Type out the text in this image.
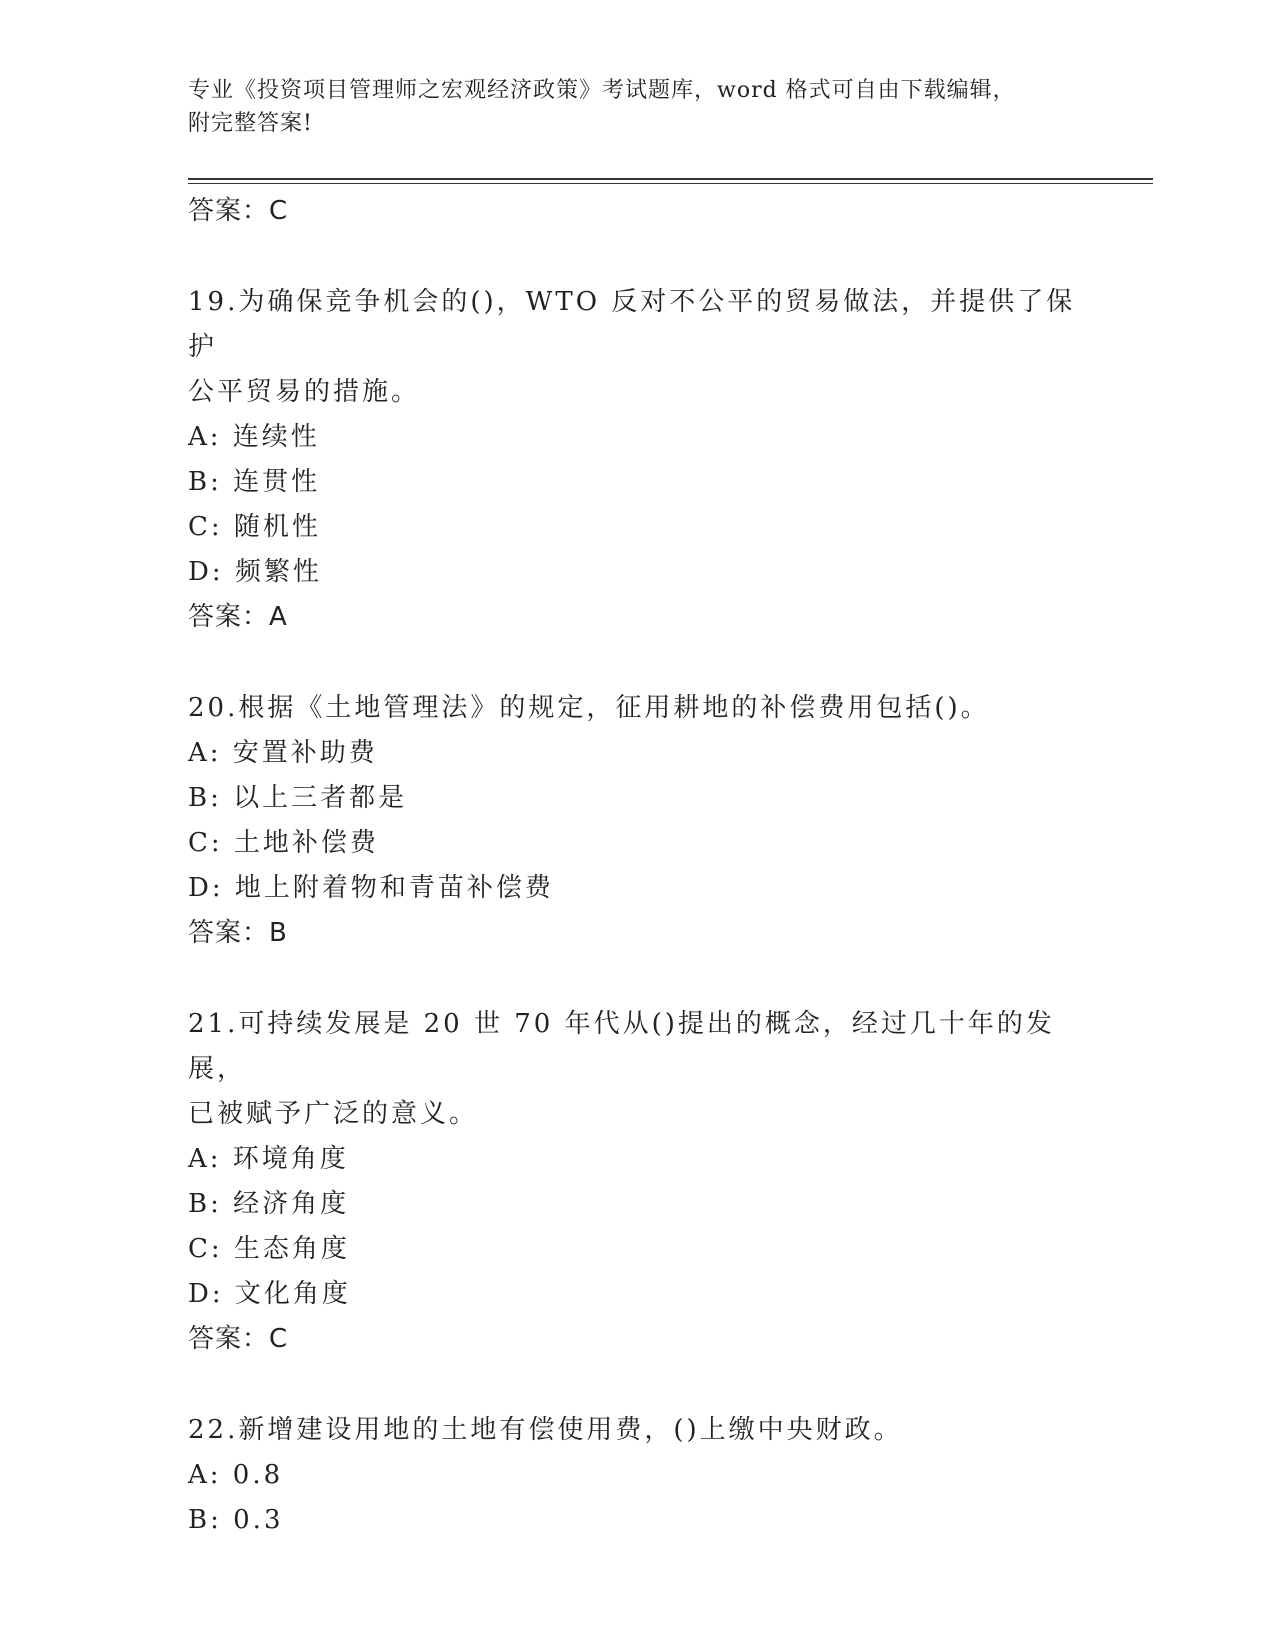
专业《投资项目管理师之宏观经济政策》考试题库，word 格式可自由下载编辑，
附完整答案!
答案：C
19.为确保竞争机会的()，WTO 反对不公平的贸易做法，并提供了保护
公平贸易的措施。
A: 连续性
B: 连贯性
C: 随机性
D: 频繁性
答案：A
20.根据《土地管理法》的规定，征用耕地的补偿费用包括()。
A: 安置补助费
B: 以上三者都是
C: 土地补偿费
D: 地上附着物和青苗补偿费
答案：B
21.可持续发展是 20 世 70 年代从()提出的概念，经过几十年的发展，
已被赋予广泛的意义。
A: 环境角度
B: 经济角度
C: 生态角度
D: 文化角度
答案：C
22.新增建设用地的土地有偿使用费，()上缴中央财政。
A: 0.8
B: 0.3
